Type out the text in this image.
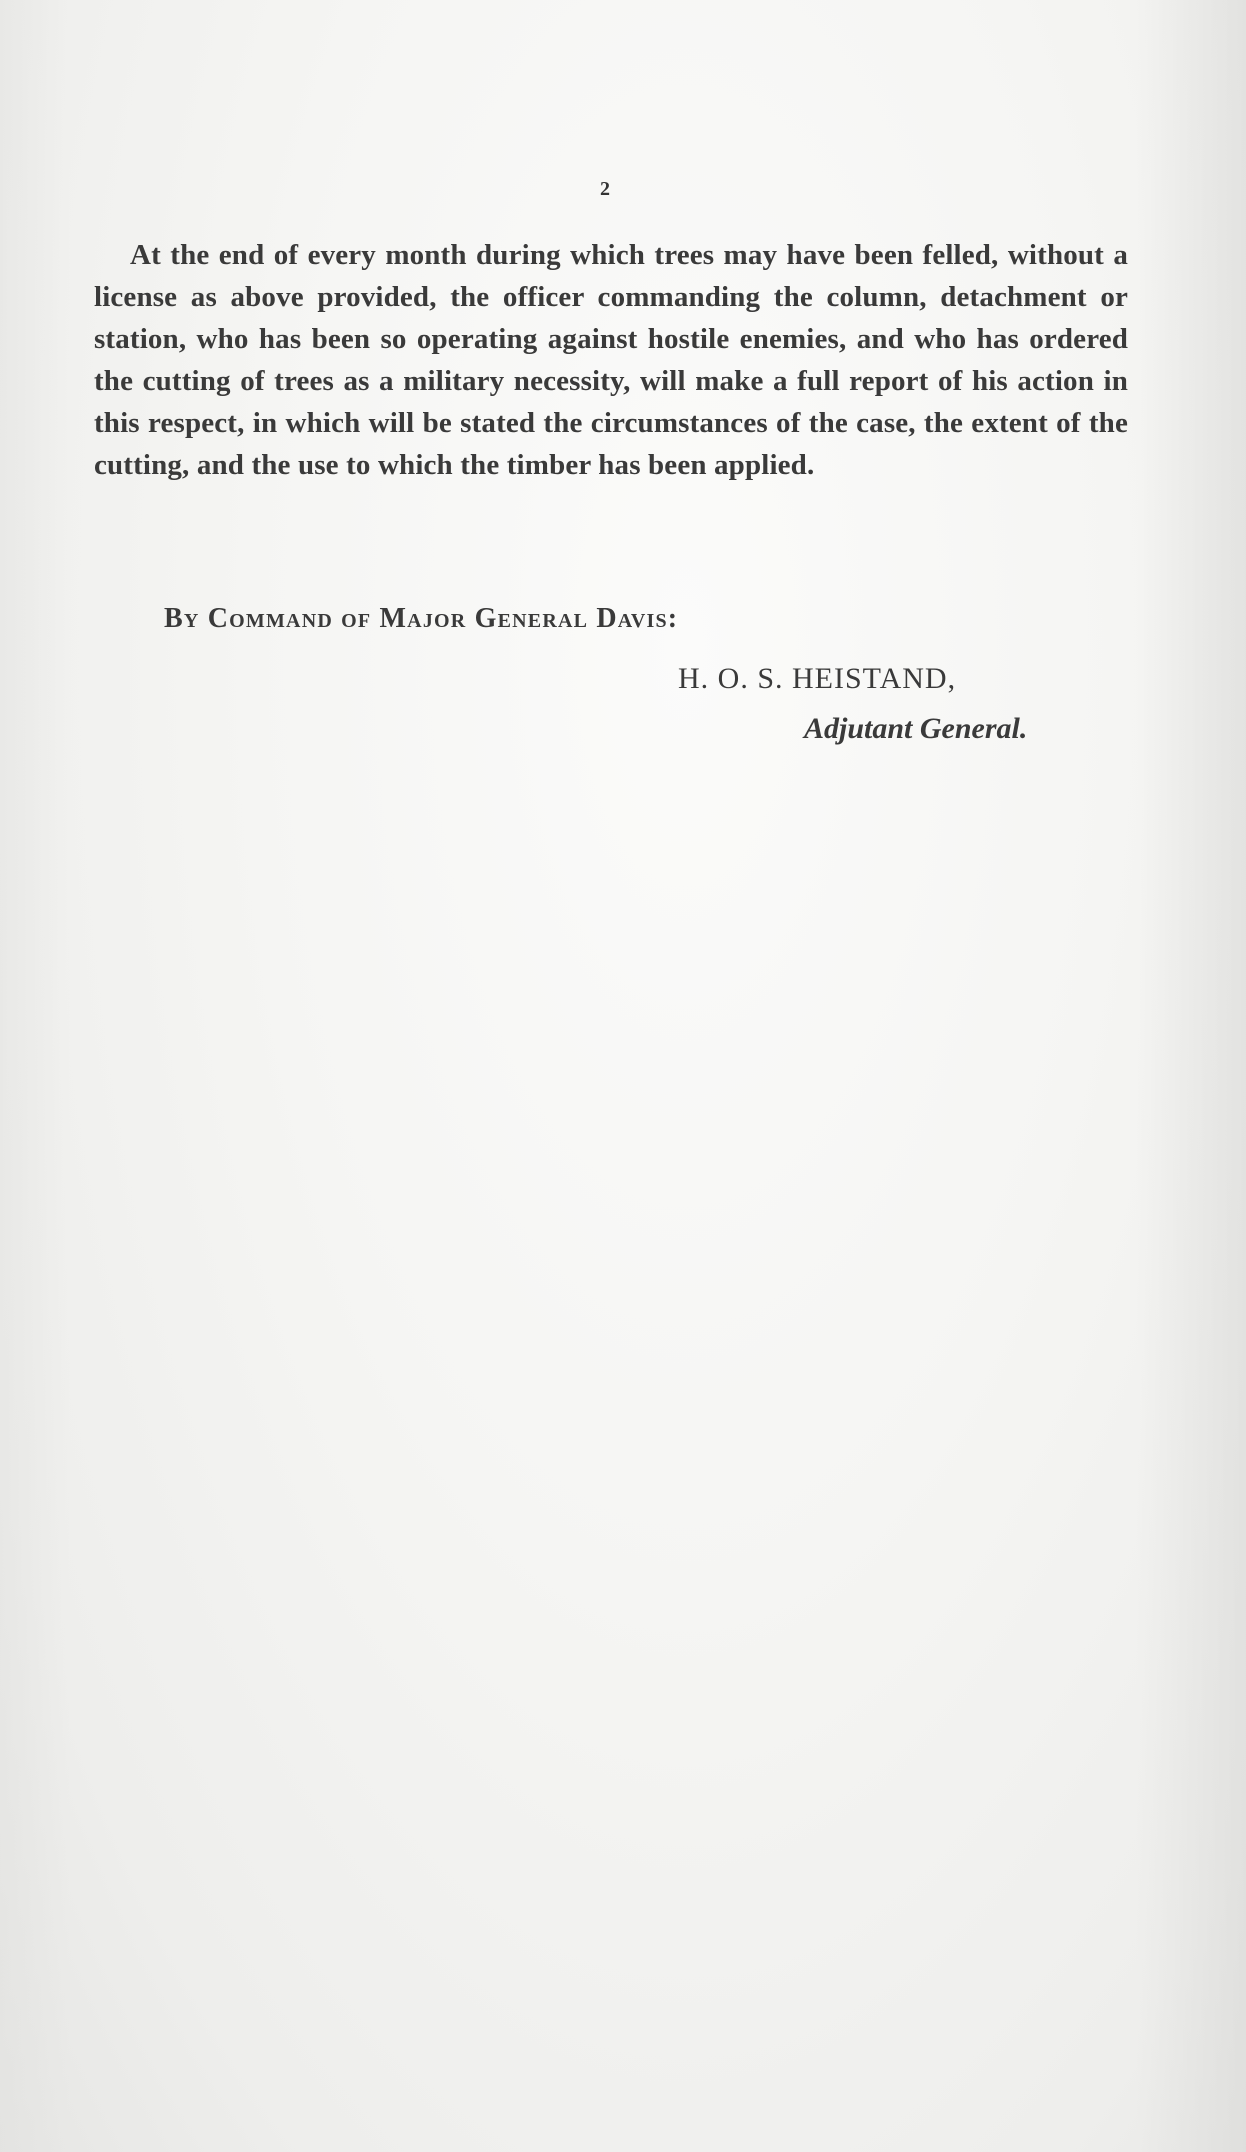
2

At the end of every month during which trees may have been felled, without a license as above provided, the officer commanding the column, detachment or station, who has been so operating against hostile enemies, and who has ordered the cutting of trees as a military necessity, will make a full report of his action in this respect, in which will be stated the circumstances of the case, the extent of the cutting, and the use to which the timber has been applied.

By Command of Major General Davis:
H. O. S. HEISTAND,
Adjutant General.
